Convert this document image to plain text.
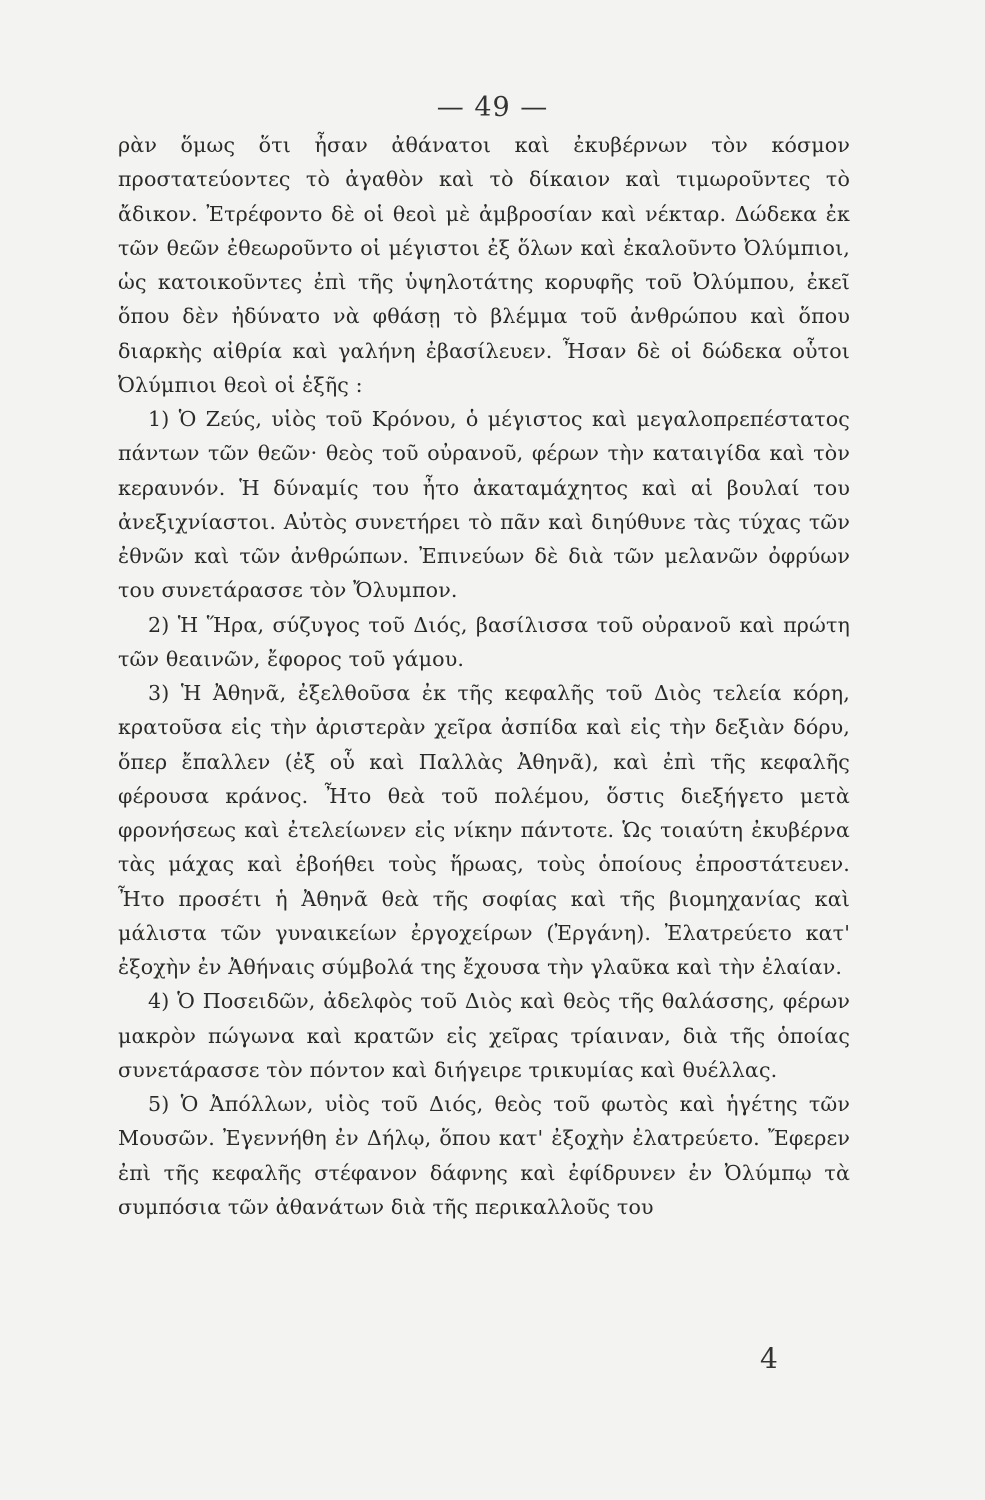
— 49 —

ρὰν ὅμως ὅτι ἦσαν ἀθάνατοι καὶ ἐκυβέρνων τὸν κόσμον προστατεύοντες τὸ ἀγαθὸν καὶ τὸ δίκαιον καὶ τιμωροῦντες τὸ ἄδικον. Ἐτρέφοντο δὲ οἱ θεοὶ μὲ ἀμβροσίαν καὶ νέκταρ. Δώδεκα ἐκ τῶν θεῶν ἐθεωροῦντο οἱ μέγιστοι ἐξ ὅλων καὶ ἐκαλοῦντο Ὀλύμπιοι, ὡς κατοικοῦντες ἐπὶ τῆς ὑψηλοτάτης κορυφῆς τοῦ Ὀλύμπου, ἐκεῖ ὅπου δὲν ἠδύνατο νὰ φθάσῃ τὸ βλέμμα τοῦ ἀνθρώπου καὶ ὅπου διαρκὴς αἰθρία καὶ γαλήνη ἐβασίλευεν. Ἦσαν δὲ οἱ δώδεκα οὗτοι Ὀλύμπιοι θεοὶ οἱ ἑξῆς :

1) Ὁ Ζεύς, υἱὸς τοῦ Κρόνου, ὁ μέγιστος καὶ μεγαλοπρεπέστατος πάντων τῶν θεῶν· θεὸς τοῦ οὐρανοῦ, φέρων τὴν καταιγίδα καὶ τὸν κεραυνόν. Ἡ δύναμίς του ἦτο ἀκαταμάχητος καὶ αἱ βουλαί του ἀνεξιχνίαστοι. Αὐτὸς συνετήρει τὸ πᾶν καὶ διηύθυνε τὰς τύχας τῶν ἐθνῶν καὶ τῶν ἀνθρώπων. Ἐπινεύων δὲ διὰ τῶν μελανῶν ὀφρύων του συνετάρασσε τὸν Ὄλυμπον.

2) Ἡ Ἥρα, σύζυγος τοῦ Διός, βασίλισσα τοῦ οὐρανοῦ καὶ πρώτη τῶν θεαινῶν, ἔφορος τοῦ γάμου.

3) Ἡ Ἀθηνᾶ, ἐξελθοῦσα ἐκ τῆς κεφαλῆς τοῦ Διὸς τελεία κόρη, κρατοῦσα εἰς τὴν ἀριστερὰν χεῖρα ἀσπίδα καὶ εἰς τὴν δεξιὰν δόρυ, ὅπερ ἔπαλλεν (ἐξ οὗ καὶ Παλλὰς Ἀθηνᾶ), καὶ ἐπὶ τῆς κεφαλῆς φέρουσα κράνος. Ἦτο θεὰ τοῦ πολέμου, ὅστις διεξήγετο μετὰ φρονήσεως καὶ ἐτελείωνεν εἰς νίκην πάντοτε. Ὡς τοιαύτη ἐκυβέρνα τὰς μάχας καὶ ἐβοήθει τοὺς ἥρωας, τοὺς ὁποίους ἐπροστάτευεν. Ἦτο προσέτι ἡ Ἀθηνᾶ θεὰ τῆς σοφίας καὶ τῆς βιομηχανίας καὶ μάλιστα τῶν γυναικείων ἐργοχείρων (Ἐργάνη). Ἐλατρεύετο κατ' ἐξοχὴν ἐν Ἀθήναις σύμβολά της ἔχουσα τὴν γλαῦκα καὶ τὴν ἐλαίαν.

4) Ὁ Ποσειδῶν, ἀδελφὸς τοῦ Διὸς καὶ θεὸς τῆς θαλάσσης, φέρων μακρὸν πώγωνα καὶ κρατῶν εἰς χεῖρας τρίαιναν, διὰ τῆς ὁποίας συνετάρασσε τὸν πόντον καὶ διήγειρε τρικυμίας καὶ θυέλλας.

5) Ὁ Ἀπόλλων, υἱὸς τοῦ Διός, θεὸς τοῦ φωτὸς καὶ ἡγέτης τῶν Μουσῶν. Ἐγεννήθη ἐν Δήλῳ, ὅπου κατ' ἐξοχὴν ἐλατρεύετο. Ἔφερεν ἐπὶ τῆς κεφαλῆς στέφανον δάφνης καὶ ἐφίδρυνεν ἐν Ὀλύμπῳ τὰ συμπόσια τῶν ἀθανάτων διὰ τῆς περικαλλοῦς του

4
